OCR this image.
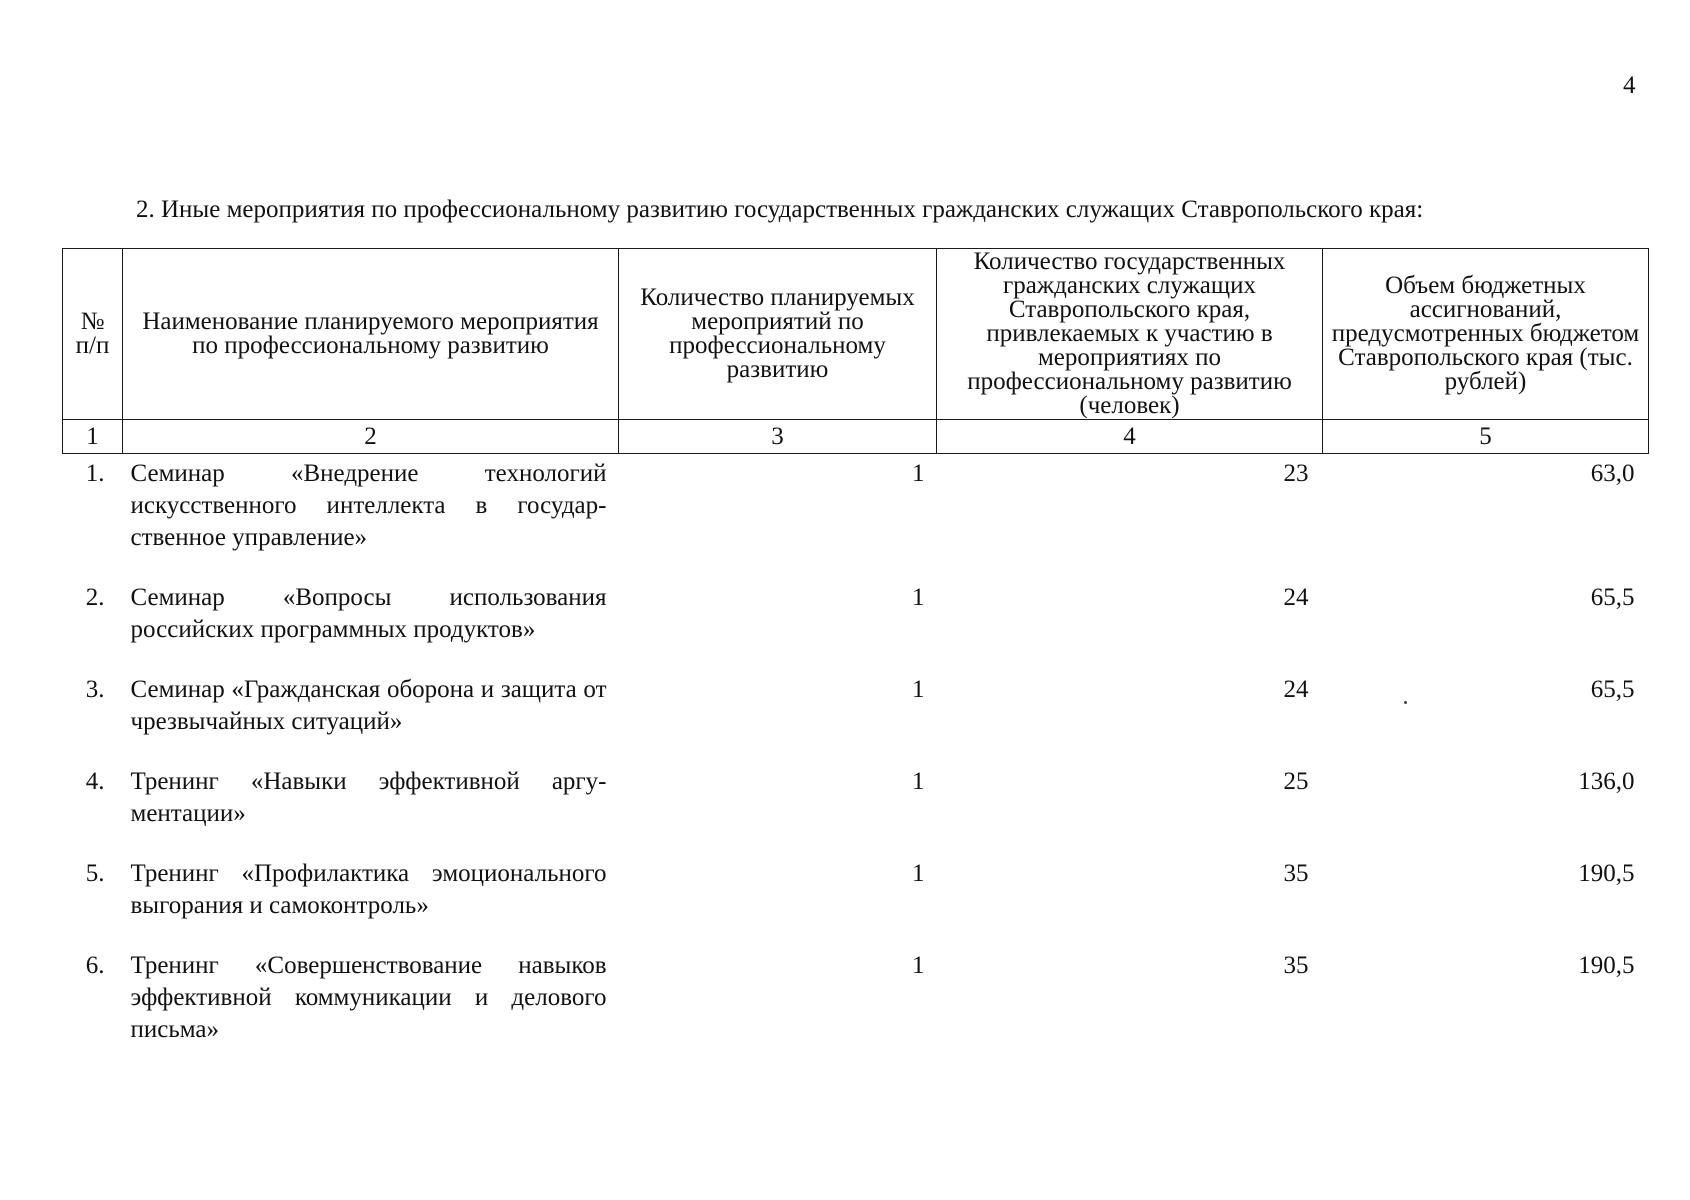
4
2. Иные мероприятия по профессиональному развитию государственных гражданских служащих Ставропольского края:
№ п/п	Наименование планируемого мероприятия по профессиональному развитию	Количество планируемых мероприятий по профессиональному развитию	Количество государственных гражданских служащих Ставропольского края, привлекаемых к участию в мероприятиях по профессиональному развитию (человек)	Объем бюджетных ассигнований, предусмотренных бюджетом Ставропольского края (тыс. рублей)
1	2	3	4	5
1.	Семинар «Внедрение технологий искусственного интеллекта в государственное управление»	1	23	63,0
2.	Семинар «Вопросы использования российских программных продуктов»	1	24	65,5
3.	Семинар «Гражданская оборона и защита от чрезвычайных ситуаций»	1	24	65,5
4.	Тренинг «Навыки эффективной аргументации»	1	25	136,0
5.	Тренинг «Профилактика эмоционального выгорания и самоконтроль»	1	35	190,5
6.	Тренинг «Совершенствование навыков эффективной коммуникации и делового письма»	1	35	190,5
